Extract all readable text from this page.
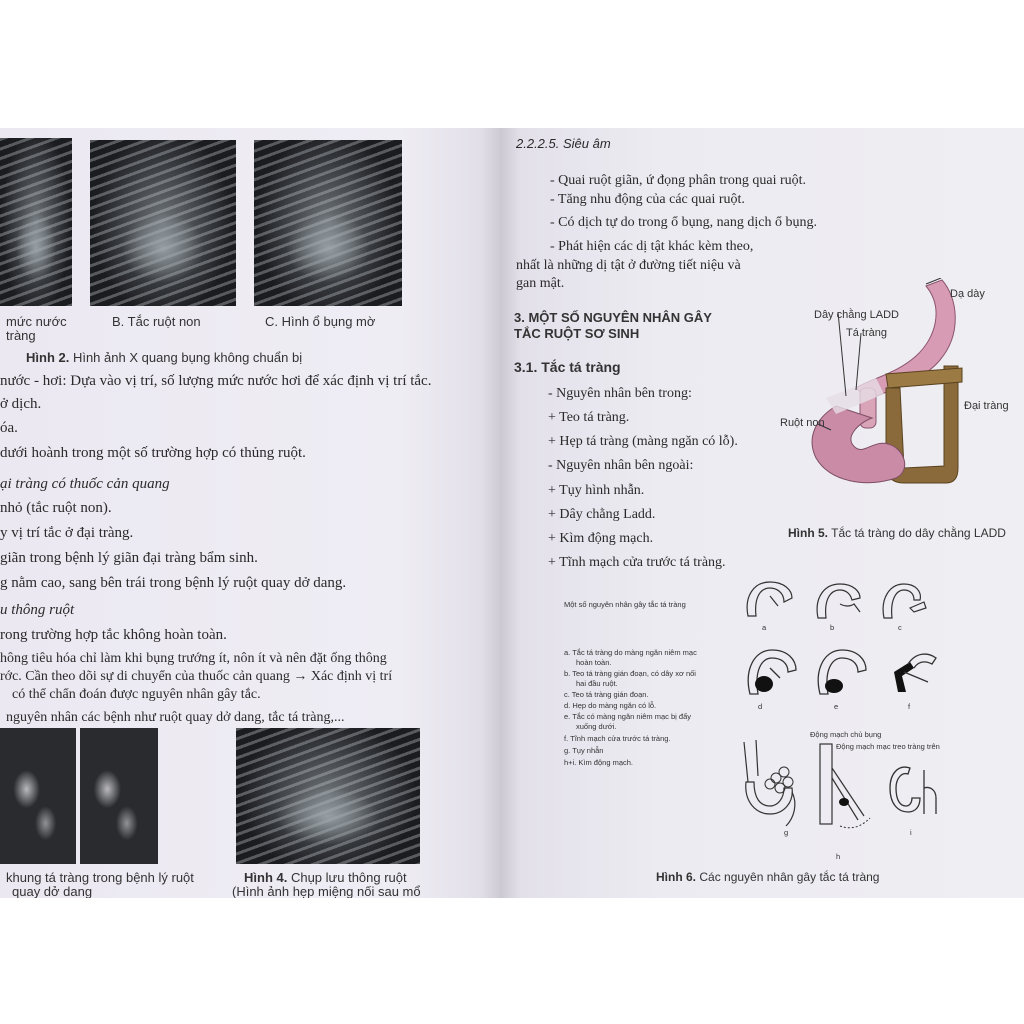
mức nước
tràng
B. Tắc ruột non	C. Hình ổ bụng mờ
Hình 2. Hình ảnh X quang bụng không chuẩn bị
nước - hơi: Dựa vào vị trí, số lượng mức nước hơi để xác định vị trí tắc.
ở dịch.
óa.
dưới hoành trong một số trường hợp có thủng ruột.
ại tràng có thuốc cản quang
nhỏ (tắc ruột non).
y vị trí tắc ở đại tràng.
giãn trong bệnh lý giãn đại tràng bẩm sinh.
g nằm cao, sang bên trái trong bệnh lý ruột quay dở dang.
u thông ruột
rong trường hợp tắc không hoàn toàn.
hông tiêu hóa chỉ làm khi bụng trướng ít, nôn ít và nên đặt ống thông
rớc. Cần theo dõi sự di chuyển của thuốc cản quang → Xác định vị trí
có thể chẩn đoán được nguyên nhân gây tắc.
nguyên nhân các bệnh như ruột quay dở dang, tắc tá tràng,...
khung tá tràng trong bệnh lý ruột
quay dở dang
Hình 4. Chụp lưu thông ruột
(Hình ảnh hẹp miệng nối sau mổ
2.2.2.5. Siêu âm
- Quai ruột giãn, ứ đọng phân trong quai ruột.
- Tăng nhu động của các quai ruột.
- Có dịch tự do trong ổ bụng, nang dịch ổ bụng.
- Phát hiện các dị tật khác kèm theo,
nhất là những dị tật ở đường tiết niệu và
gan mật.
3. MỘT SỐ NGUYÊN NHÂN GÂY
TẮC RUỘT SƠ SINH
3.1. Tắc tá tràng
- Nguyên nhân bên trong:
+ Teo tá tràng.
+ Hẹp tá tràng (màng ngăn có lỗ).
- Nguyên nhân bên ngoài:
+ Tụy hình nhẫn.
+ Dây chằng Ladd.
+ Kìm động mạch.
+ Tĩnh mạch cửa trước tá tràng.
Dạ dày
Dây chằng LADD
Tá tràng
Đại tràng
Ruột non
Hình 5. Tắc tá tràng do dây chằng LADD
Một số nguyên nhân gây tắc tá tràng
a. Tắc tá tràng do màng ngăn niêm mạc
hoàn toàn.
b. Teo tá tràng gián đoạn, có dây xơ nối
hai đầu ruột.
c. Teo tá tràng gián đoạn.
d. Hẹp do màng ngăn có lỗ.
e. Tắc có màng ngăn niêm mạc bị đẩy
xuống dưới.
f. Tĩnh mạch cửa trước tá tràng.
g. Tụy nhẫn
h+i. Kìm động mạch.
a	b	c
d	e	f
g
h
i
Động mạch chủ bụng
Động mạch mạc treo tràng trên
Hình 6. Các nguyên nhân gây tắc tá tràng
